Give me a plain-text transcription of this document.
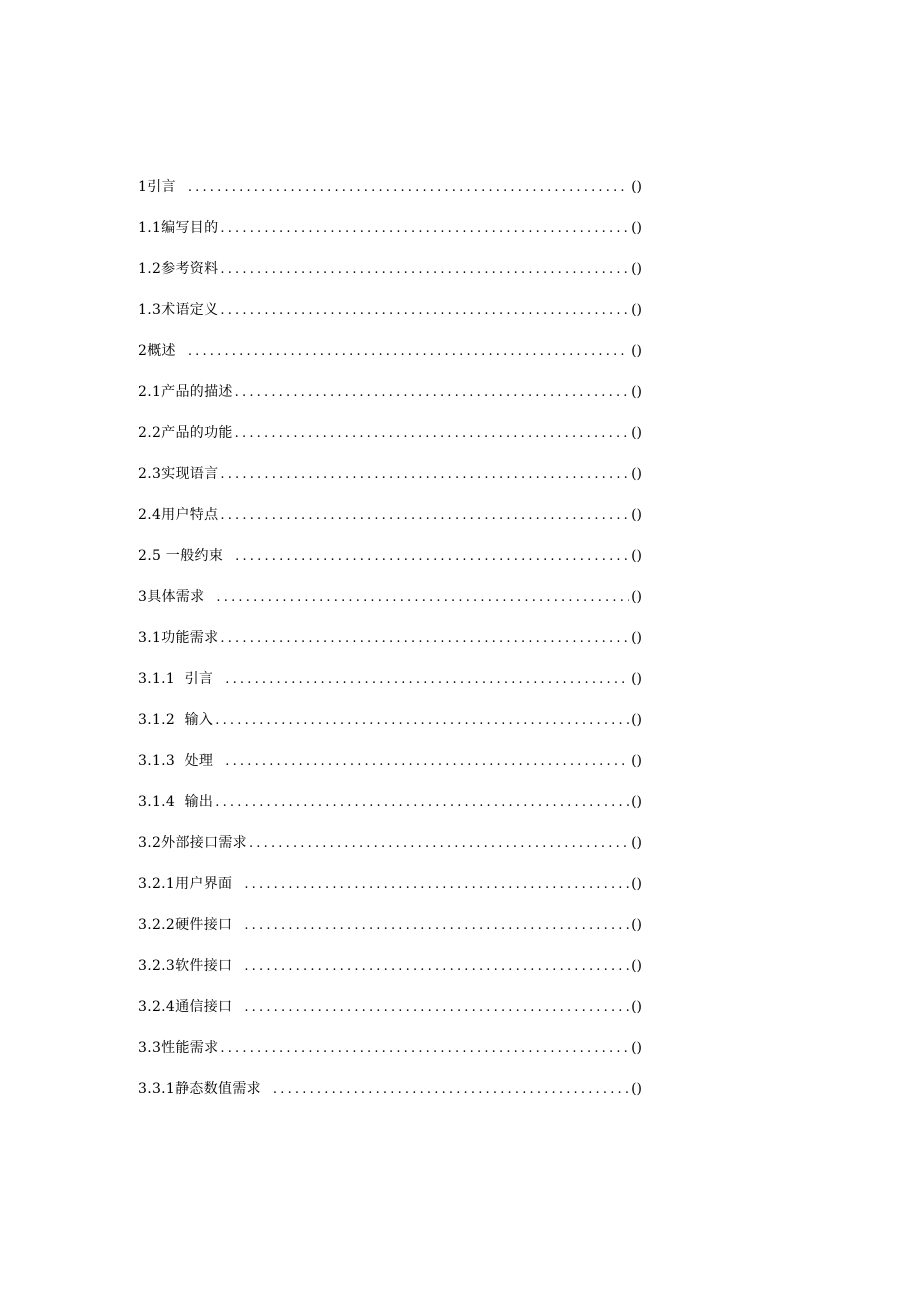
1引言 .....	()
1.1编写目的 .....	()
1.2参考资料 .....	()
1.3术语定义 .....	()
2概述 .....	()
2.1产品的描述 .....	()
2.2产品的功能 .....	()
2.3实现语言 .....	()
2.4用户特点 .....	()
2.5 一般约束 .....	()
3具体需求 .....	()
3.1功能需求 .....	()
3.1.1  引言 .....	()
3.1.2  输入 .....	()
3.1.3  处理 .....	()
3.1.4  输出 .....	()
3.2外部接口需求 .....	()
3.2.1用户界面 .....	()
3.2.2硬件接口 .....	()
3.2.3软件接口 .....	()
3.2.4通信接口 .....	()
3.3性能需求 .....	()
3.3.1静态数值需求 .....	()
